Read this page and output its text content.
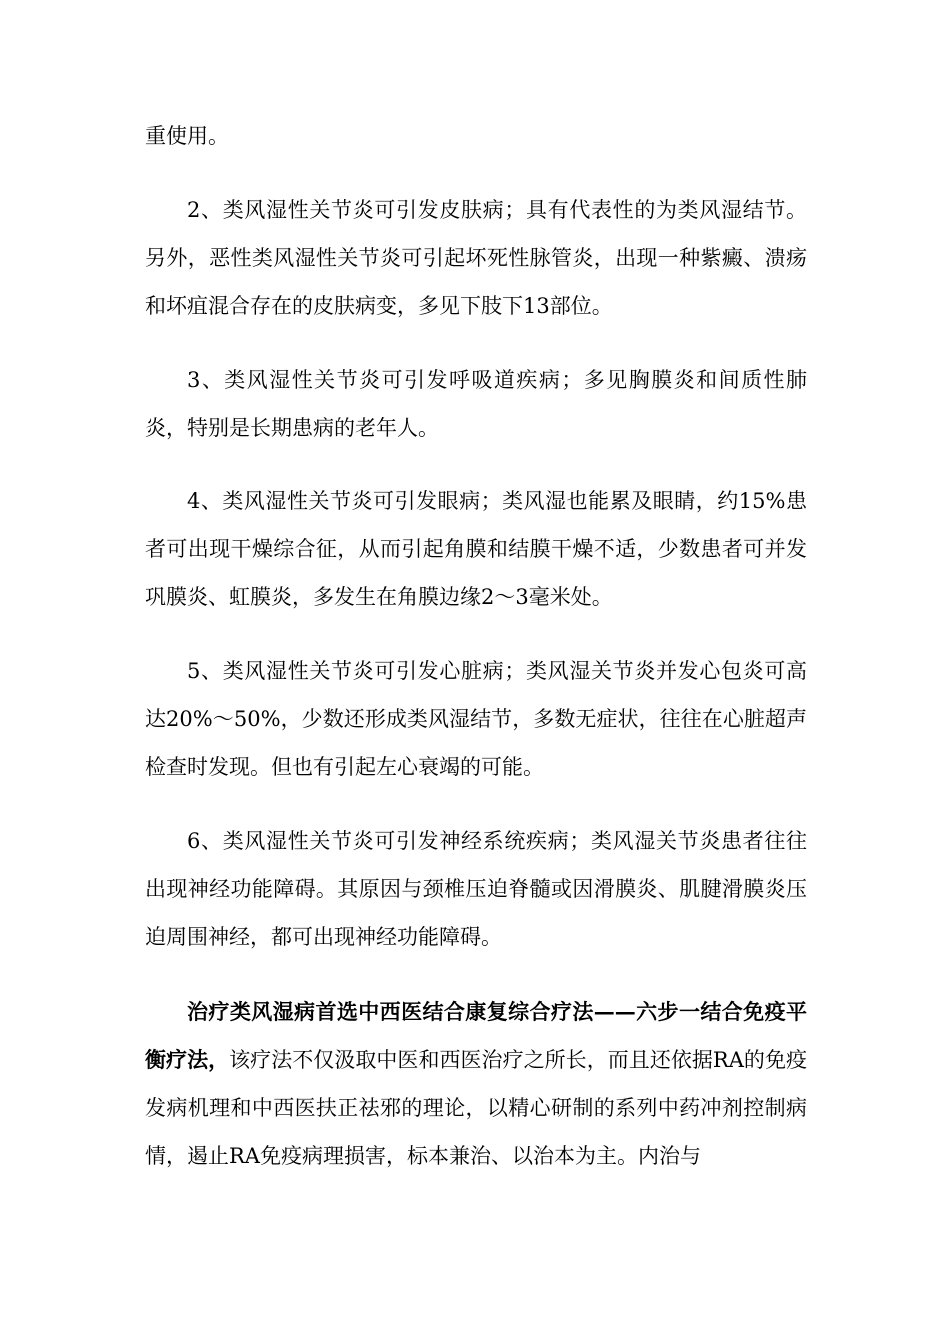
重使用。

2、类风湿性关节炎可引发皮肤病；具有代表性的为类风湿结节。另外，恶性类风湿性关节炎可引起坏死性脉管炎，出现一种紫癜、溃疡和坏疽混合存在的皮肤病变，多见下肢下13部位。

3、类风湿性关节炎可引发呼吸道疾病；多见胸膜炎和间质性肺炎，特别是长期患病的老年人。

4、类风湿性关节炎可引发眼病；类风湿也能累及眼睛，约15%患者可出现干燥综合征，从而引起角膜和结膜干燥不适，少数患者可并发巩膜炎、虹膜炎，多发生在角膜边缘2～3毫米处。

5、类风湿性关节炎可引发心脏病；类风湿关节炎并发心包炎可高达20%～50%，少数还形成类风湿结节，多数无症状，往往在心脏超声检查时发现。但也有引起左心衰竭的可能。

6、类风湿性关节炎可引发神经系统疾病；类风湿关节炎患者往往出现神经功能障碍。其原因与颈椎压迫脊髓或因滑膜炎、肌腱滑膜炎压迫周围神经，都可出现神经功能障碍。

治疗类风湿病首选中西医结合康复综合疗法——六步一结合免疫平衡疗法，该疗法不仅汲取中医和西医治疗之所长，而且还依据RA的免疫发病机理和中西医扶正祛邪的理论，以精心研制的系列中药冲剂控制病情，遏止RA免疫病理损害，标本兼治、以治本为主。内治与
